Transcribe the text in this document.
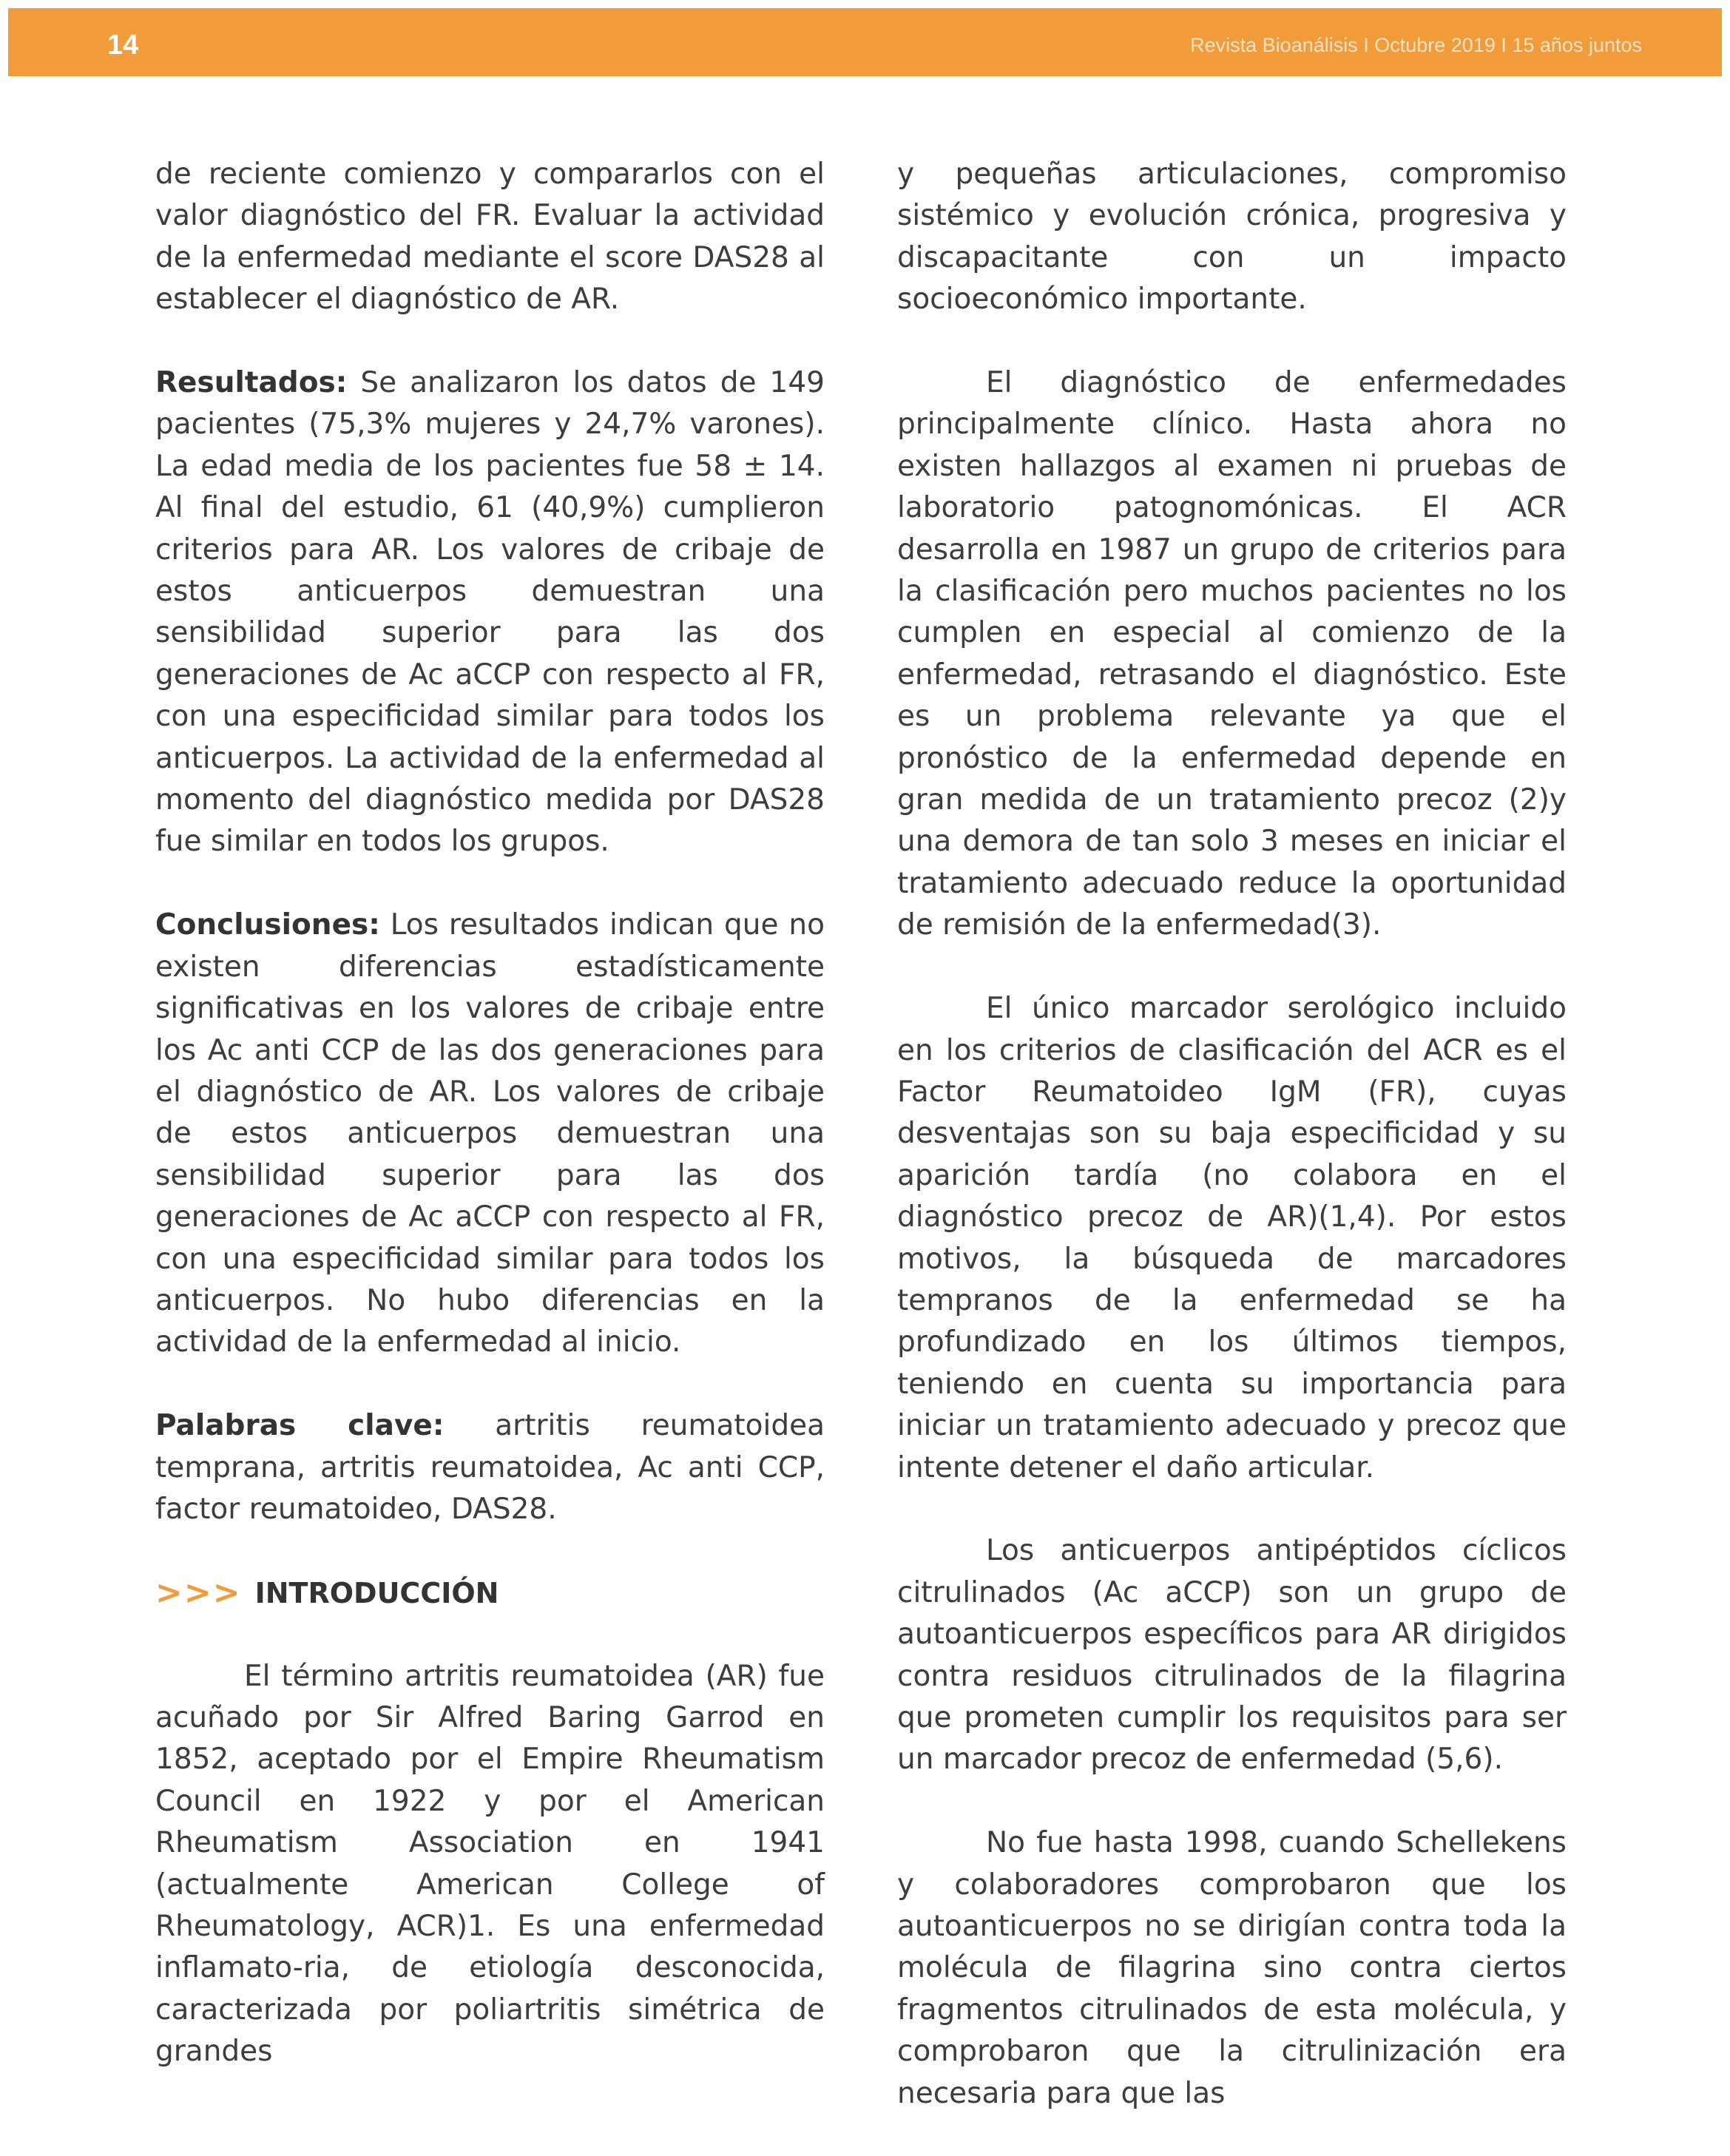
14	Revista Bioanálisis I Octubre 2019 I 15 años juntos

de reciente comienzo y compararlos con el valor diagnóstico del FR. Evaluar la actividad de la enfermedad mediante el score DAS28 al establecer el diagnóstico de AR.

Resultados: Se analizaron los datos de 149 pacientes (75,3% mujeres y 24,7% varones). La edad media de los pacientes fue 58 ± 14. Al final del estudio, 61 (40,9%) cumplieron criterios para AR. Los valores de cribaje de estos anticuerpos demuestran una sensibilidad superior para las dos generaciones de Ac aCCP con respecto al FR, con una especificidad similar para todos los anticuerpos. La actividad de la enfermedad al momento del diagnóstico medida por DAS28 fue similar en todos los grupos.

Conclusiones: Los resultados indican que no existen diferencias estadísticamente significativas en los valores de cribaje entre los Ac anti CCP de las dos generaciones para el diagnóstico de AR. Los valores de cribaje de estos anticuerpos demuestran una sensibilidad superior para las dos generaciones de Ac aCCP con respecto al FR, con una especificidad similar para todos los anticuerpos. No hubo diferencias en la actividad de la enfermedad al inicio.

Palabras clave: artritis reumatoidea temprana, artritis reumatoidea, Ac anti CCP, factor reumatoideo, DAS28.

>>> INTRODUCCIÓN

El término artritis reumatoidea (AR) fue acuñado por Sir Alfred Baring Garrod en 1852, aceptado por el Empire Rheumatism Council en 1922 y por el American Rheumatism Association en 1941 (actualmente American College of Rheumatology, ACR)1. Es una enfermedad inflamato-ria, de etiología desconocida, caracterizada por poliartritis simétrica de grandes

y pequeñas articulaciones, compromiso sistémico y evolución crónica, progresiva y discapacitante con un impacto socioeconómico importante.

El diagnóstico de enfermedades principalmente clínico. Hasta ahora no existen hallazgos al examen ni pruebas de laboratorio patognomónicas. El ACR desarrolla en 1987 un grupo de criterios para la clasificación pero muchos pacientes no los cumplen en especial al comienzo de la enfermedad, retrasando el diagnóstico. Este es un problema relevante ya que el pronóstico de la enfermedad depende en gran medida de un tratamiento precoz (2)y una demora de tan solo 3 meses en iniciar el tratamiento adecuado reduce la oportunidad de remisión de la enfermedad(3).

El único marcador serológico incluido en los criterios de clasificación del ACR es el Factor Reumatoideo IgM (FR), cuyas desventajas son su baja especificidad y su aparición tardía (no colabora en el diagnóstico precoz de AR)(1,4). Por estos motivos, la búsqueda de marcadores tempranos de la enfermedad se ha profundizado en los últimos tiempos, teniendo en cuenta su importancia para iniciar un tratamiento adecuado y precoz que intente detener el daño articular.

Los anticuerpos antipéptidos cíclicos citrulinados (Ac aCCP) son un grupo de autoanticuerpos específicos para AR dirigidos contra residuos citrulinados de la filagrina que prometen cumplir los requisitos para ser un marcador precoz de enfermedad (5,6).

No fue hasta 1998, cuando Schellekens y colaboradores comprobaron que los autoanticuerpos no se dirigían contra toda la molécula de filagrina sino contra ciertos fragmentos citrulinados de esta molécula, y comprobaron que la citrulinización era necesaria para que las
